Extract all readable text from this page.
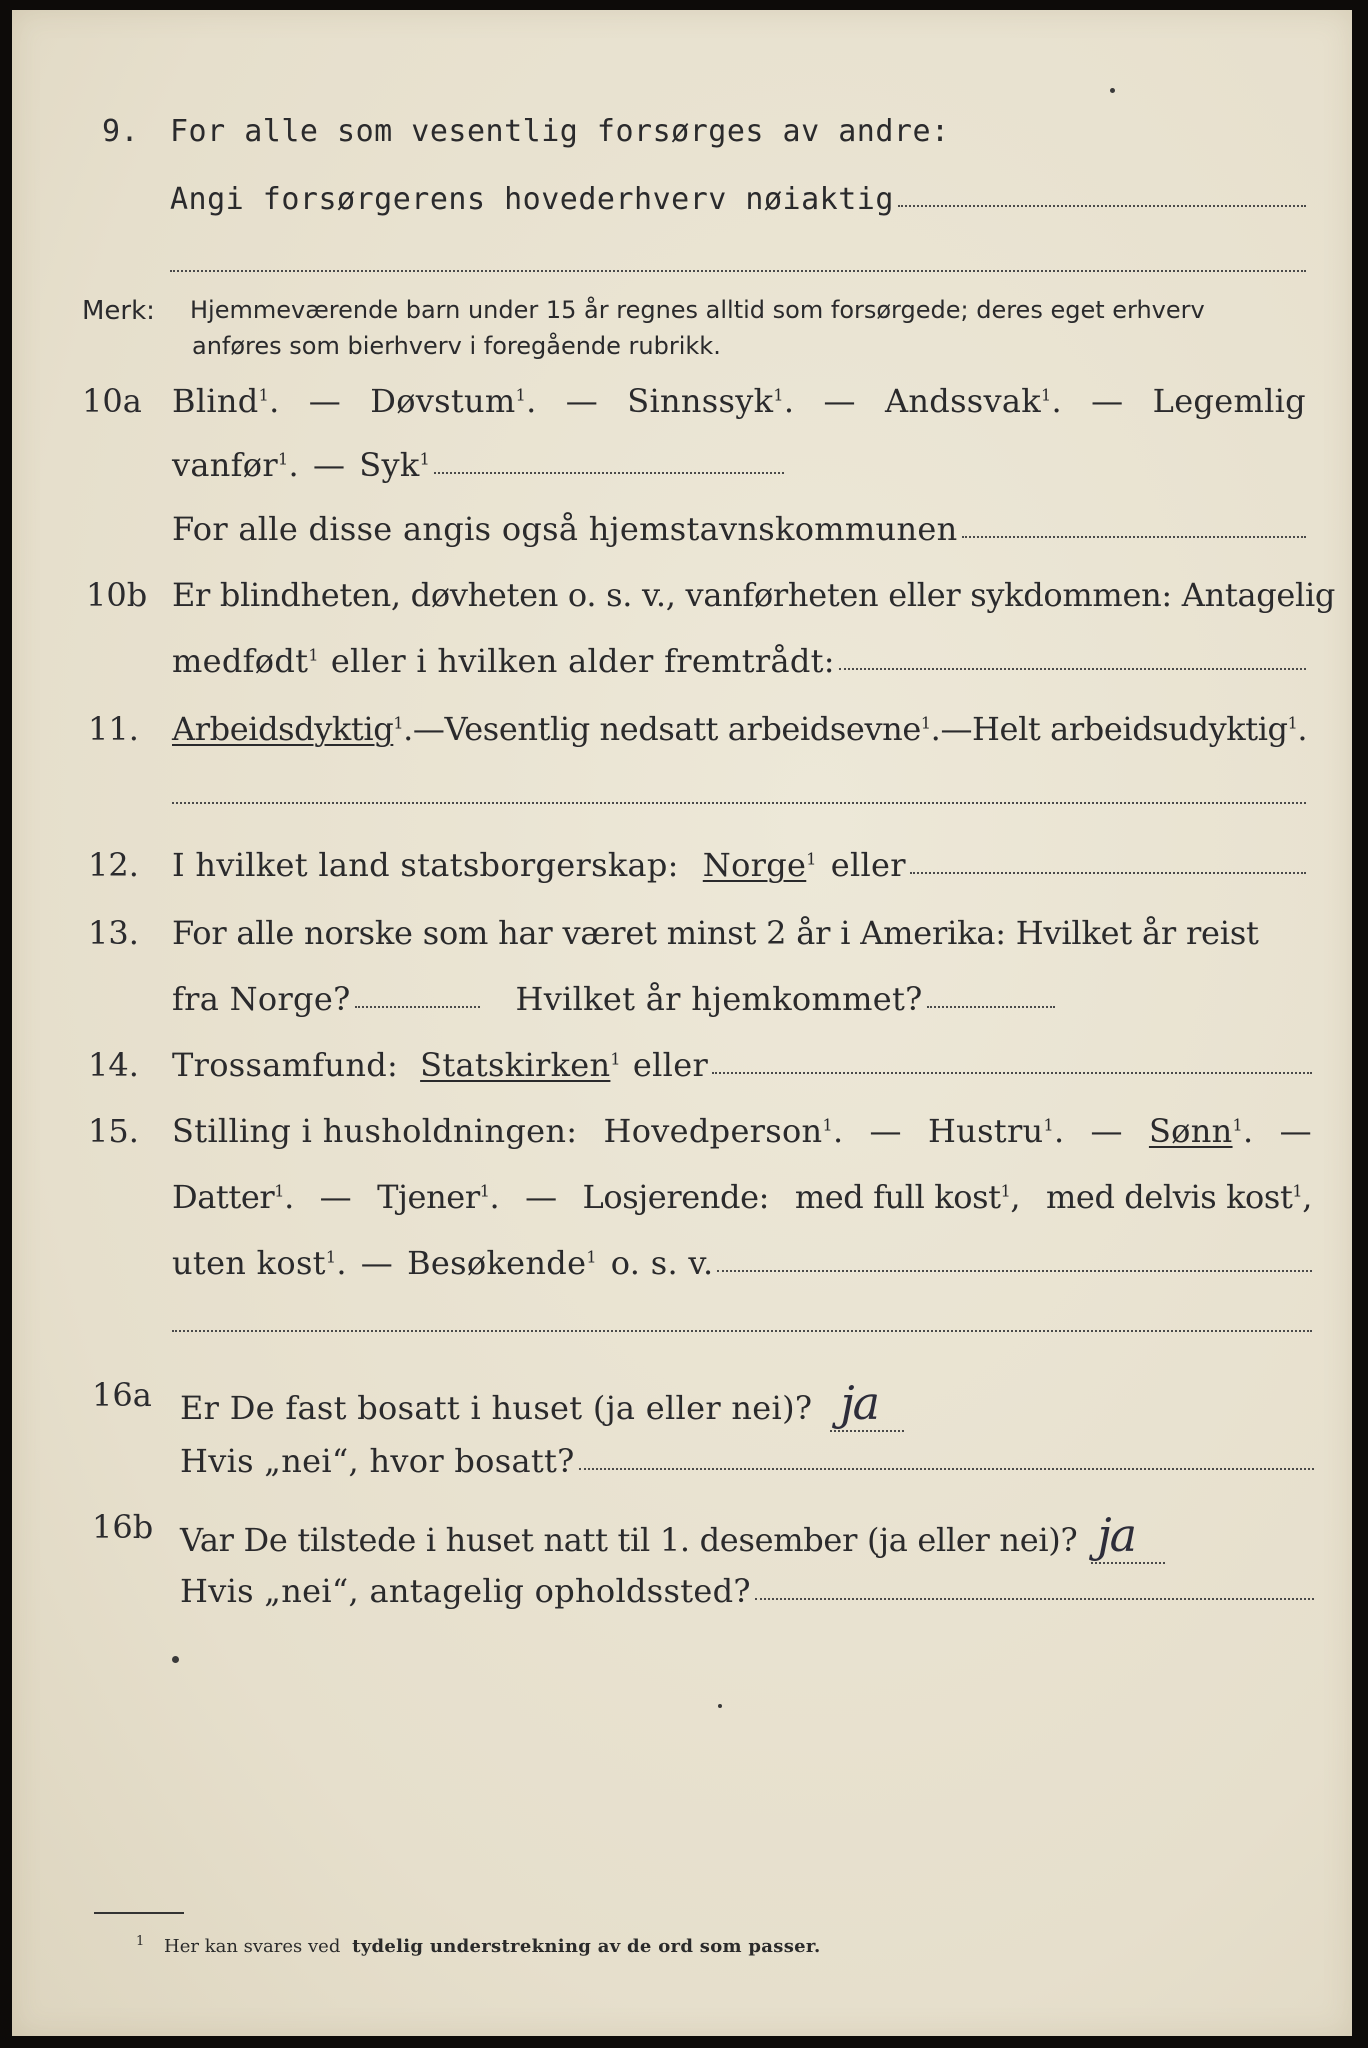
9. For alle som vesentlig forsørges av andre:
Angi forsørgerens hovederhverv nøiaktig
Merk: Hjemmeværende barn under 15 år regnes alltid som forsørgede; deres eget erhverv
anføres som bierhverv i foregående rubrikk.
10a Blind$^1$. — Døvstum$^1$. — Sinnssyk$^1$. — Andssvak$^1$. — Legemlig
vanfør$^1$. — Syk$^1$
For alle disse angis også hjemstavnskommunen
10b Er blindheten, døvheten o. s. v., vanførheten eller sykdommen: Antagelig
medfødt$^1$ eller i hvilken alder fremtrådt:
11. Arbeidsdyktig$^1$. — Vesentlig nedsatt arbeidsevne$^1$. — Helt arbeidsudyktig$^1$.
12. I hvilket land statsborgerskap: Norge$^1$ eller
13. For alle norske som har været minst 2 år i Amerika: Hvilket år reist
fra Norge?	Hvilket år hjemkommet?
14. Trossamfund: Statskirken$^1$ eller
15. Stilling i husholdningen: Hovedperson$^1$. — Hustru$^1$. — Sønn$^1$. —
Datter$^1$. — Tjener$^1$. — Losjerende: med full kost$^1$, med delvis kost$^1$,
uten kost$^1$. — Besøkende$^1$ o. s. v.
16a Er De fast bosatt i huset (ja eller nei)? ja
Hvis „nei“, hvor bosatt?
16b Var De tilstede i huset natt til 1. desember (ja eller nei)? ja
Hvis „nei“, antagelig opholdssted?
$^1$ Her kan svares ved tydelig understrekning av de ord som passer.
